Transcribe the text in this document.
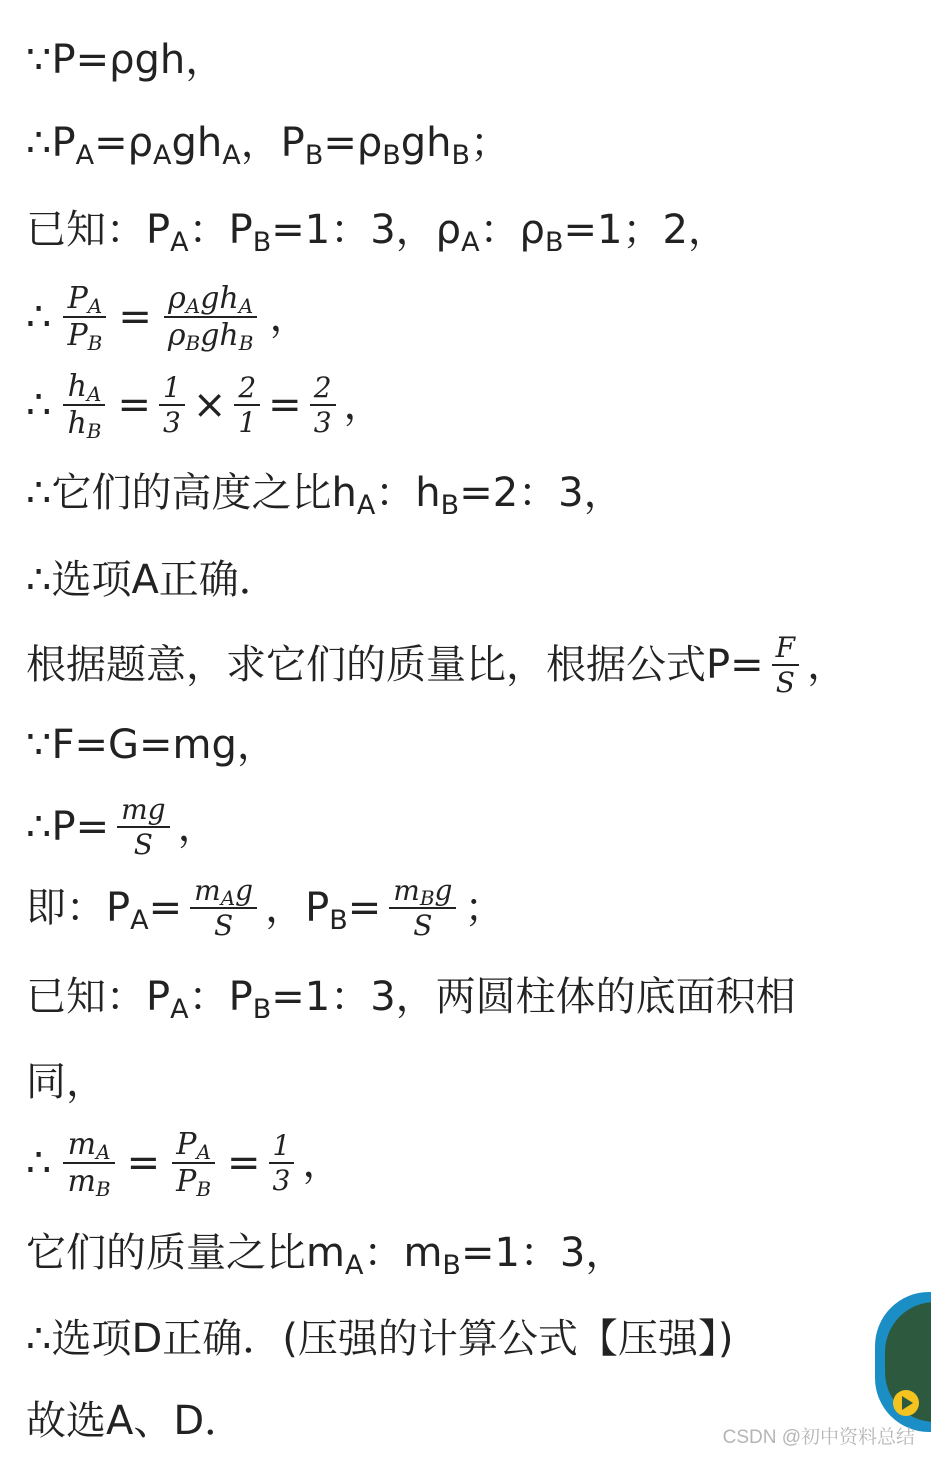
∵P=ρgh，
∴P A =ρ A gh A ，P B =ρ B gh B ；
已知：P A ：P B =1：3，ρ A ：ρ B =1；2，
∴ $\frac{\text{P A}}{\text{P B}} = \frac{\text{ρ A gh A}}{\text{ρ B gh B}}$ ，
∴ $\frac{\text{h A}}{\text{h B}} = \frac{1}{3} \times \frac{2}{1} = \frac{2}{3}$ ，
∴它们的高度之比h A ：h B =2：3，
∴选项A正确．
根据题意，求它们的质量比，根据公式$P= \frac{F}{S}$ ，
∵F=G=mg，
∴P= $\frac{mg}{S}$ ，
即：P $A = \frac{\text{m A g}}{S}$ ，P $B = \frac{\text{m B g}}{S}$ ；
已知：P A ：P B =1：3，两圆柱体的底面积相
同，
∴ $\frac{\text{m A}}{\text{m B}} = \frac{\text{P A}}{\text{P B}} = \frac{1}{3}$ ，
它们的质量之比m A ：m B =1：3，
∴选项D正确．(压强的计算公式【压强】)
故选A、D．	CSDN @初中资料总结
